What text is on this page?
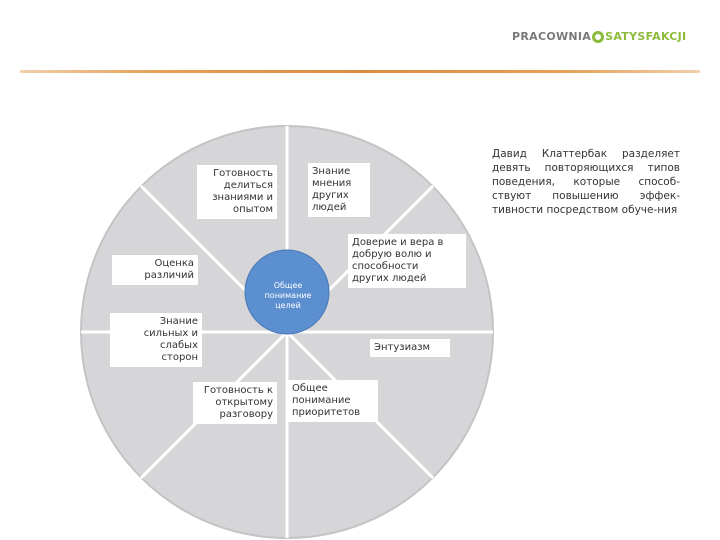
PRACOWNIA SATYSFAKCJI
Общее
понимание
целей
Готовность
делиться
знаниями и
опытом
Знание
мнения
других
людей
Доверие и вера в
добрую волю и
способности
других людей
Энтузиазм
Общее
понимание
приоритетов
Готовность к
открытому
разговору
Знание
сильных и
слабых
сторон
Оценка
различий
Давид Клаттербак разделяет девять повторяющихся типов поведения, которые способ-ствуют повышению эффек-тивности посредством обуче-ния
